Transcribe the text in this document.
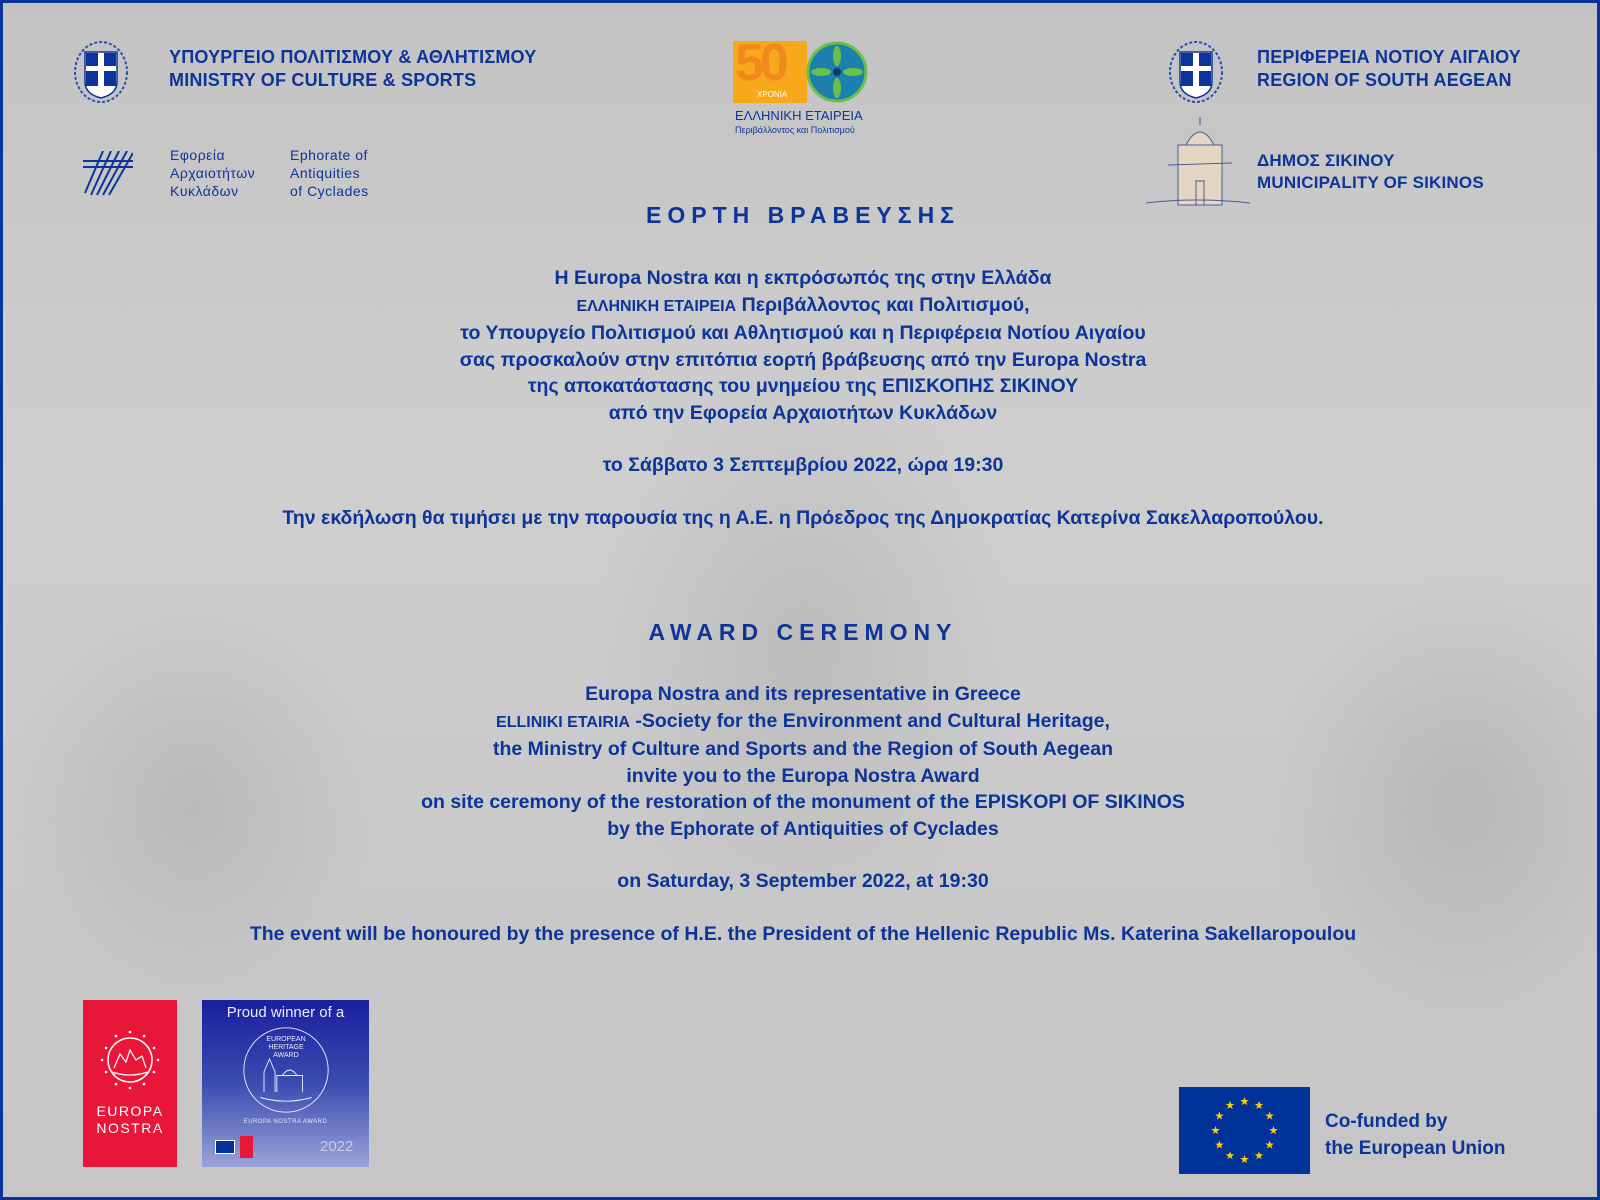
ΥΠΟΥΡΓΕΙΟ ΠΟΛΙΤΙΣΜΟΥ & ΑΘΛΗΤΙΣΜΟΥ
MINISTRY OF CULTURE & SPORTS
Εφορεία
Αρχαιοτήτων
Κυκλάδων
Ephorate of
Antiquities
of Cyclades
50
ΧΡΟΝΙΑ
ΕΛΛΗΝΙΚΗ ΕΤΑΙΡΕΙΑ
Περιβάλλοντος και Πολιτισμού
ΠΕΡΙΦΕΡΕΙΑ ΝΟΤΙΟΥ ΑΙΓΑΙΟΥ
REGION OF SOUTH AEGEAN
ΔΗΜΟΣ ΣΙΚΙΝΟΥ
MUNICIPALITY OF SIKINOS
ΕΟΡΤΗ ΒΡΑΒΕΥΣΗΣ
Η Europa Nostra και η εκπρόσωπός της στην Ελλάδα
ΕΛΛΗΝΙΚΗ ΕΤΑΙΡΕΙΑ Περιβάλλοντος και Πολιτισμού,
το Υπουργείο Πολιτισμού και Αθλητισμού και η Περιφέρεια Νοτίου Αιγαίου
σας προσκαλούν στην επιτόπια εορτή βράβευσης από την Europa Nostra
της αποκατάστασης του μνημείου της ΕΠΙΣΚΟΠΗΣ ΣΙΚΙΝΟΥ
από την Εφορεία Αρχαιοτήτων Κυκλάδων
το Σάββατο 3 Σεπτεμβρίου 2022, ώρα 19:30
Την εκδήλωση θα τιμήσει με την παρουσία της η Α.Ε. η Πρόεδρος της Δημοκρατίας Κατερίνα Σακελλαροπούλου.
AWARD CEREMONY
Europa Nostra and its representative in Greece
ELLINIKI ETAIRIA -Society for the Environment and Cultural Heritage,
the Ministry of Culture and Sports and the Region of South Aegean
invite you to the Europa Nostra Award
on site ceremony of the restoration of the monument of the EPISKOPI OF SIKINOS
by the Ephorate of Antiquities of Cyclades
on Saturday, 3 September 2022, at 19:30
The event will be honoured by the presence of H.E. the President of the Hellenic Republic Ms. Katerina Sakellaropoulou
EUROPA
NOSTRA
Proud winner of a
EUROPEAN
HERITAGE
AWARD
EUROPA NOSTRA AWARD
2022
Co-funded by
the European Union
